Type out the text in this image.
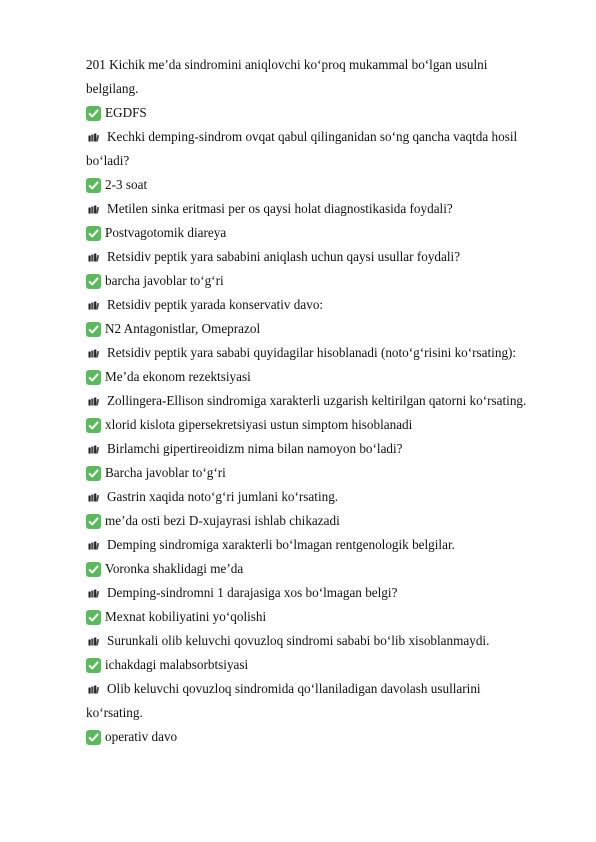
201 Kichik me’da sindromini aniqlovchi ko‘proq mukammal bo‘lgan usulni
belgilang.
EGDFS
Kechki demping-sindrom ovqat qabul qilinganidan so‘ng qancha vaqtda hosil
bo‘ladi?
2-3 soat
Metilen sinka eritmasi per os qaysi holat diagnostikasida foydali?
Postvagotomik diareya
Retsidiv peptik yara sababini aniqlash uchun qaysi usullar foydali?
barcha javoblar to‘g‘ri
Retsidiv peptik yarada konservativ davo:
N2 Antagonistlar, Omeprazol
Retsidiv peptik yara sababi quyidagilar hisoblanadi (noto‘g‘risini ko‘rsating):
Me’da ekonom rezektsiyasi
Zollingera-Ellison sindromiga xarakterli uzgarish keltirilgan qatorni ko‘rsating.
xlorid kislota gipersekretsiyasi ustun simptom hisoblanadi
Birlamchi gipertireoidizm nima bilan namoyon bo‘ladi?
Barcha javoblar to‘g‘ri
Gastrin xaqida noto‘g‘ri jumlani ko‘rsating.
me’da osti bezi D-xujayrasi ishlab chikazadi
Demping sindromiga xarakterli bo‘lmagan rentgenologik belgilar.
Voronka shaklidagi me’da
Demping-sindromni 1 darajasiga xos bo‘lmagan belgi?
Mexnat kobiliyatini yo‘qolishi
Surunkali olib keluvchi qovuzloq sindromi sababi bo‘lib xisoblanmaydi.
ichakdagi malabsorbtsiyasi
Olib keluvchi qovuzloq sindromida qo‘llaniladigan davolash usullarini
ko‘rsating.
operativ davo
